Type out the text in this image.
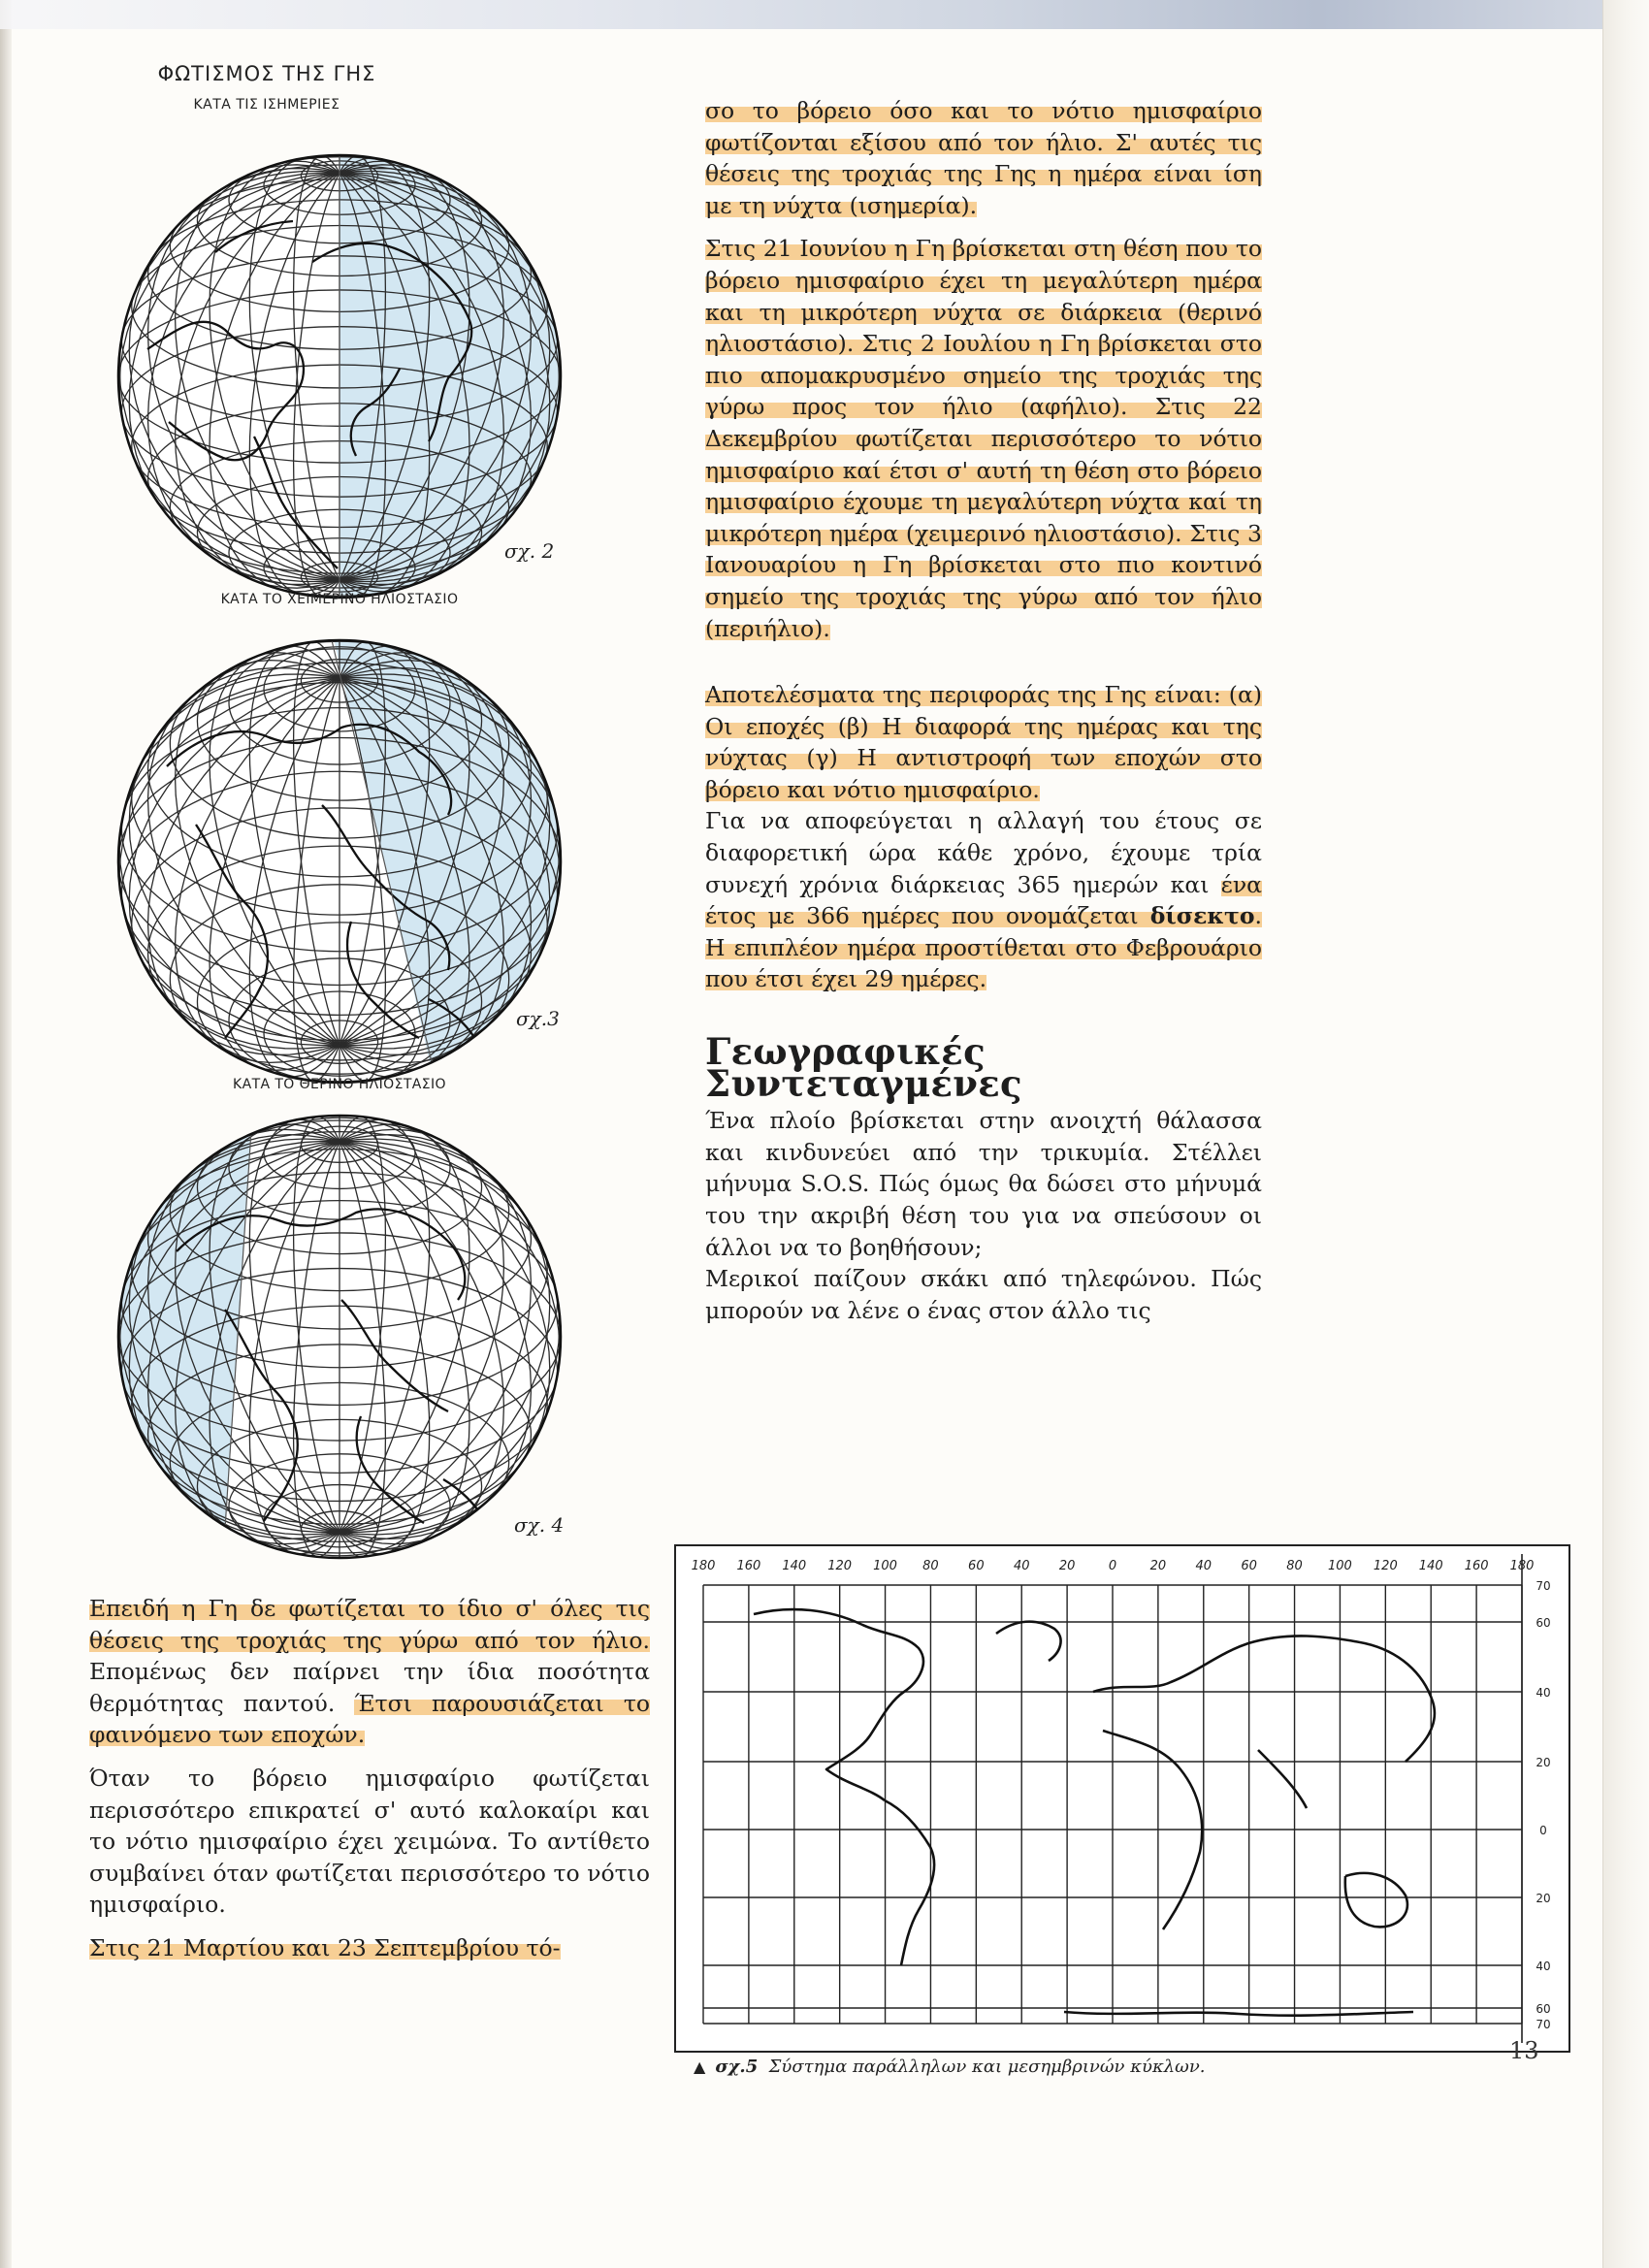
ΦΩΤΙΣΜΟΣ ΤΗΣ ΓΗΣ
ΚΑΤΑ ΤΙΣ ΙΣΗΜΕΡΙΕΣ
σχ. 2
ΚΑΤΑ ΤΟ ΧΕΙΜΕΡΙΝΟ ΗΛΙΟΣΤΑΣΙΟ
σχ.3
ΚΑΤΑ ΤΟ ΘΕΡΙΝΟ ΗΛΙΟΣΤΑΣΙΟ
σχ. 4

Επειδή η Γη δε φωτίζεται το ίδιο σ' όλες τις θέσεις της τροχιάς της γύρω από τον ήλιο. Επομένως δεν παίρνει την ίδια ποσότητα θερμότητας παντού. Έτσι παρουσιάζεται το φαινόμενο των εποχών.

Όταν το βόρειο ημισφαίριο φωτίζεται περισσότερο επικρατεί σ' αυτό καλοκαίρι και το νότιο ημισφαίριο έχει χειμώνα. Το αντίθετο συμβαίνει όταν φωτίζεται περισσότερο το νότιο ημισφαίριο.

Στις 21 Μαρτίου και 23 Σεπτεμβρίου τό-

σο το βόρειο όσο και το νότιο ημισφαίριο φωτίζονται εξίσου από τον ήλιο. Σ' αυτές τις θέσεις της τροχιάς της Γης η ημέρα είναι ίση με τη νύχτα (ισημερία).

Στις 21 Ιουνίου η Γη βρίσκεται στη θέση που το βόρειο ημισφαίριο έχει τη μεγαλύτερη ημέρα και τη μικρότερη νύχτα σε διάρκεια (θερινό ηλιοστάσιο). Στις 2 Ιουλίου η Γη βρίσκεται στο πιο απομακρυσμένο σημείο της τροχιάς της γύρω προς τον ήλιο (αφήλιο). Στις 22 Δεκεμβρίου φωτίζεται περισσότερο το νότιο ημισφαίριο καί έτσι σ' αυτή τη θέση στο βόρειο ημισφαίριο έχουμε τη μεγαλύτερη νύχτα καί τη μικρότερη ημέρα (χειμερινό ηλιοστάσιο). Στις 3 Ιανουαρίου η Γη βρίσκεται στο πιο κοντινό σημείο της τροχιάς της γύρω από τον ήλιο (περιήλιο).

Αποτελέσματα της περιφοράς της Γης είναι: (α) Οι εποχές (β) Η διαφορά της ημέρας και της νύχτας (γ) Η αντιστροφή των εποχών στο βόρειο και νότιο ημισφαίριο.

Για να αποφεύγεται η αλλαγή του έτους σε διαφορετική ώρα κάθε χρόνο, έχουμε τρία συνεχή χρόνια διάρκειας 365 ημερών και ένα έτος με 366 ημέρες που ονομάζεται δίσεκτο. Η επιπλέον ημέρα προστίθεται στο Φεβρουάριο που έτσι έχει 29 ημέρες.

Γεωγραφικές Συντεταγμένες

Ένα πλοίο βρίσκεται στην ανοιχτή θάλασσα και κινδυνεύει από την τρικυμία. Στέλλει μήνυμα S.O.S. Πώς όμως θα δώσει στο μήνυμά του την ακριβή θέση του για να σπεύσουν οι άλλοι να το βοηθήσουν;

Μερικοί παίζουν σκάκι από τηλεφώνου. Πώς μπορούν να λένε ο ένας στον άλλο τις

180 160 140 120 100 80 60 40 20	0	20 40 60 80 100 120 140 160 180
70
60
40
20
0
20
40
60
70
▲ σχ.5 Σύστημα παράλληλων και μεσημβρινών κύκλων.
13
